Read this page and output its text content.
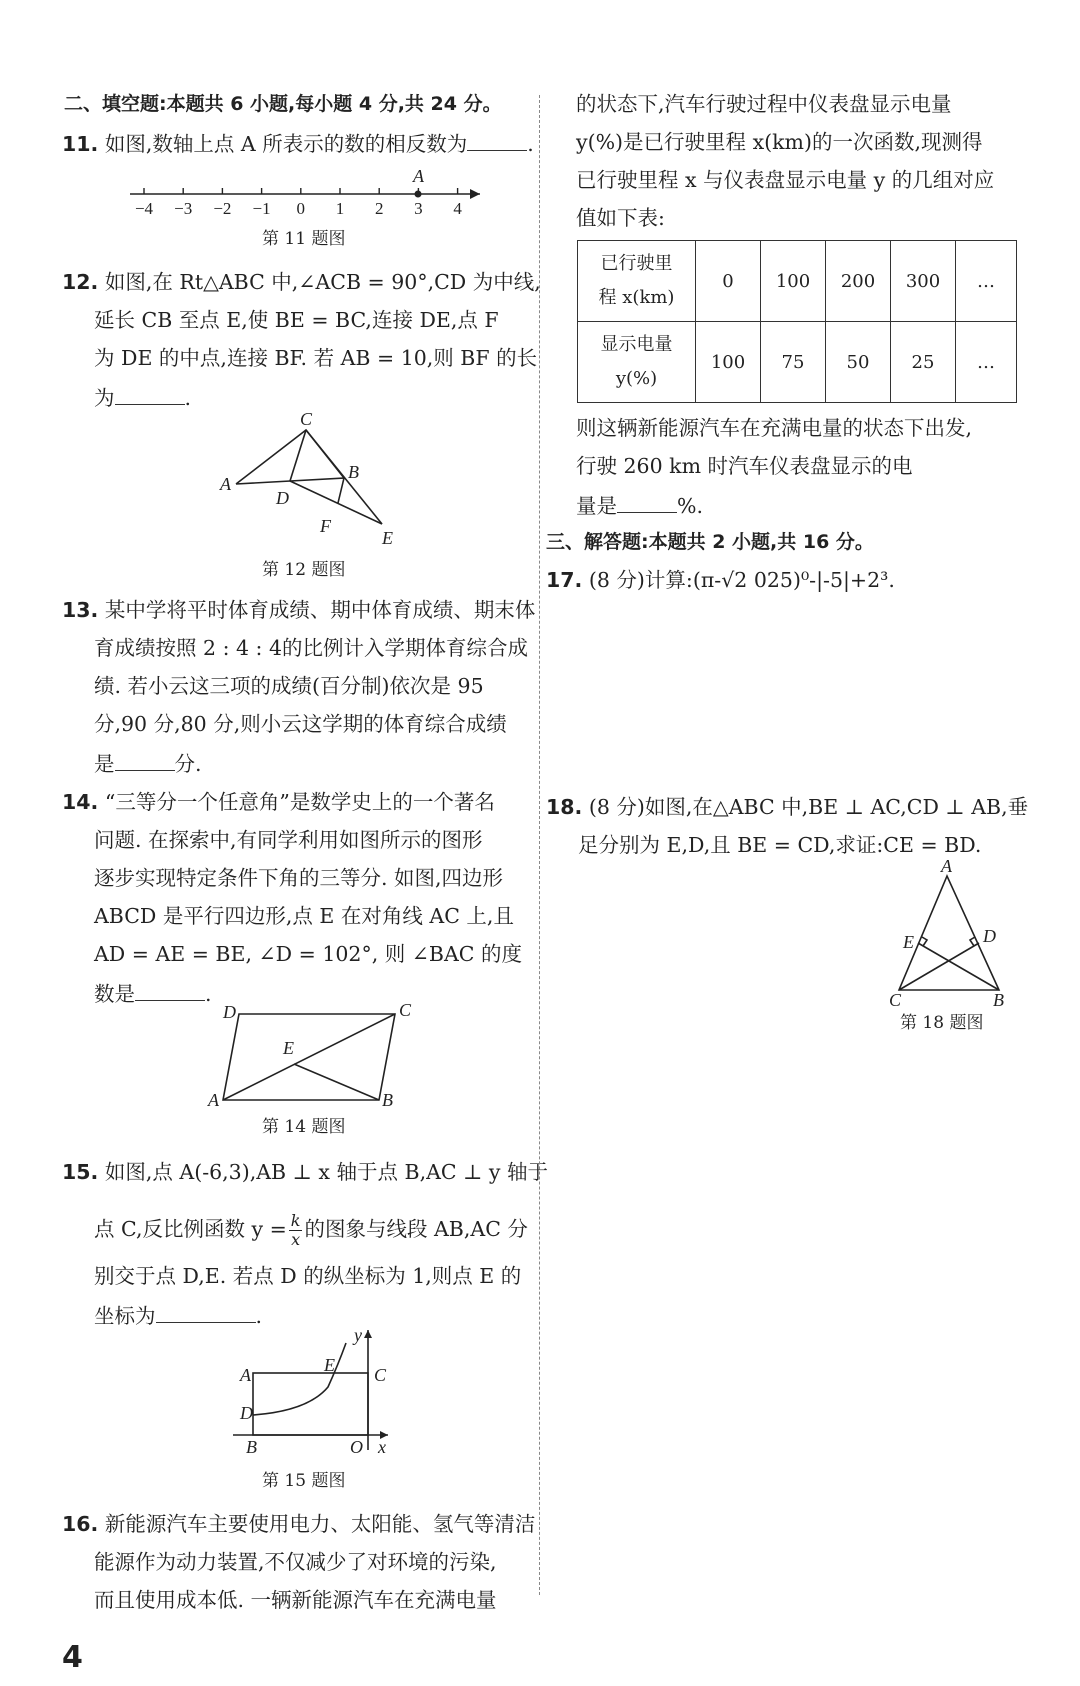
二、填空题:本题共 6 小题,每小题 4 分,共 24 分。
11. 如图,数轴上点 A 所表示的数的相反数为	.
−4 −3 −2 −1 0 1 2 3 4
A
第 11 题图
12. 如图,在 Rt△ABC 中,∠ACB = 90°,CD 为中线,
延长 CB 至点 E,使 BE = BC,连接 DE,点 F
为 DE 的中点,连接 BF. 若 AB = 10,则 BF 的长
为	.
A
C
B
D
F
E
第 12 题图
13. 某中学将平时体育成绩、期中体育成绩、期末体
育成绩按照 2 : 4 : 4的比例计入学期体育综合成
绩. 若小云这三项的成绩(百分制)依次是 95
分,90 分,80 分,则小云这学期的体育综合成绩
是	分.
14. “三等分一个任意角”是数学史上的一个著名
问题. 在探索中,有同学利用如图所示的图形
逐步实现特定条件下角的三等分. 如图,四边形
ABCD 是平行四边形,点 E 在对角线 AC 上,且
AD = AE = BE, ∠D = 102°, 则 ∠BAC 的度
数是	.
A
D	C
B
E
第 14 题图
15. 如图,点 A(-6,3),AB ⊥ x 轴于点 B,AC ⊥ y 轴于
点 C,反比例函数 $y = \frac{k}{x}$ 的图象与线段 AB,AC 分
别交于点 D,E. 若点 D 的纵坐标为 1,则点 E 的
坐标为	.
A
D
B
E C
O x
y
第 15 题图
16. 新能源汽车主要使用电力、太阳能、氢气等清洁
能源作为动力装置,不仅减少了对环境的污染,
而且使用成本低. 一辆新能源汽车在充满电量
4
的状态下,汽车行驶过程中仪表盘显示电量
y(%)是已行驶里程 x(km)的一次函数,现测得
已行驶里程 x 与仪表盘显示电量 y 的几组对应
值如下表:
已行驶里
程 x(km)	0	100	200	300	…
显示电量
y(%)	100	75	50	25	…
则这辆新能源汽车在充满电量的状态下出发,
行驶 260 km 时汽车仪表盘显示的电
量是	%.
三、解答题:本题共 2 小题,共 16 分。
17. (8 分)计算:(π-√2 025)⁰-|-5|+2³.
18. (8 分)如图,在△ABC 中,BE ⊥ AC,CD ⊥ AB,垂
足分别为 E,D,且 BE = CD,求证:CE = BD.
A
E	D
C	B
第 18 题图
